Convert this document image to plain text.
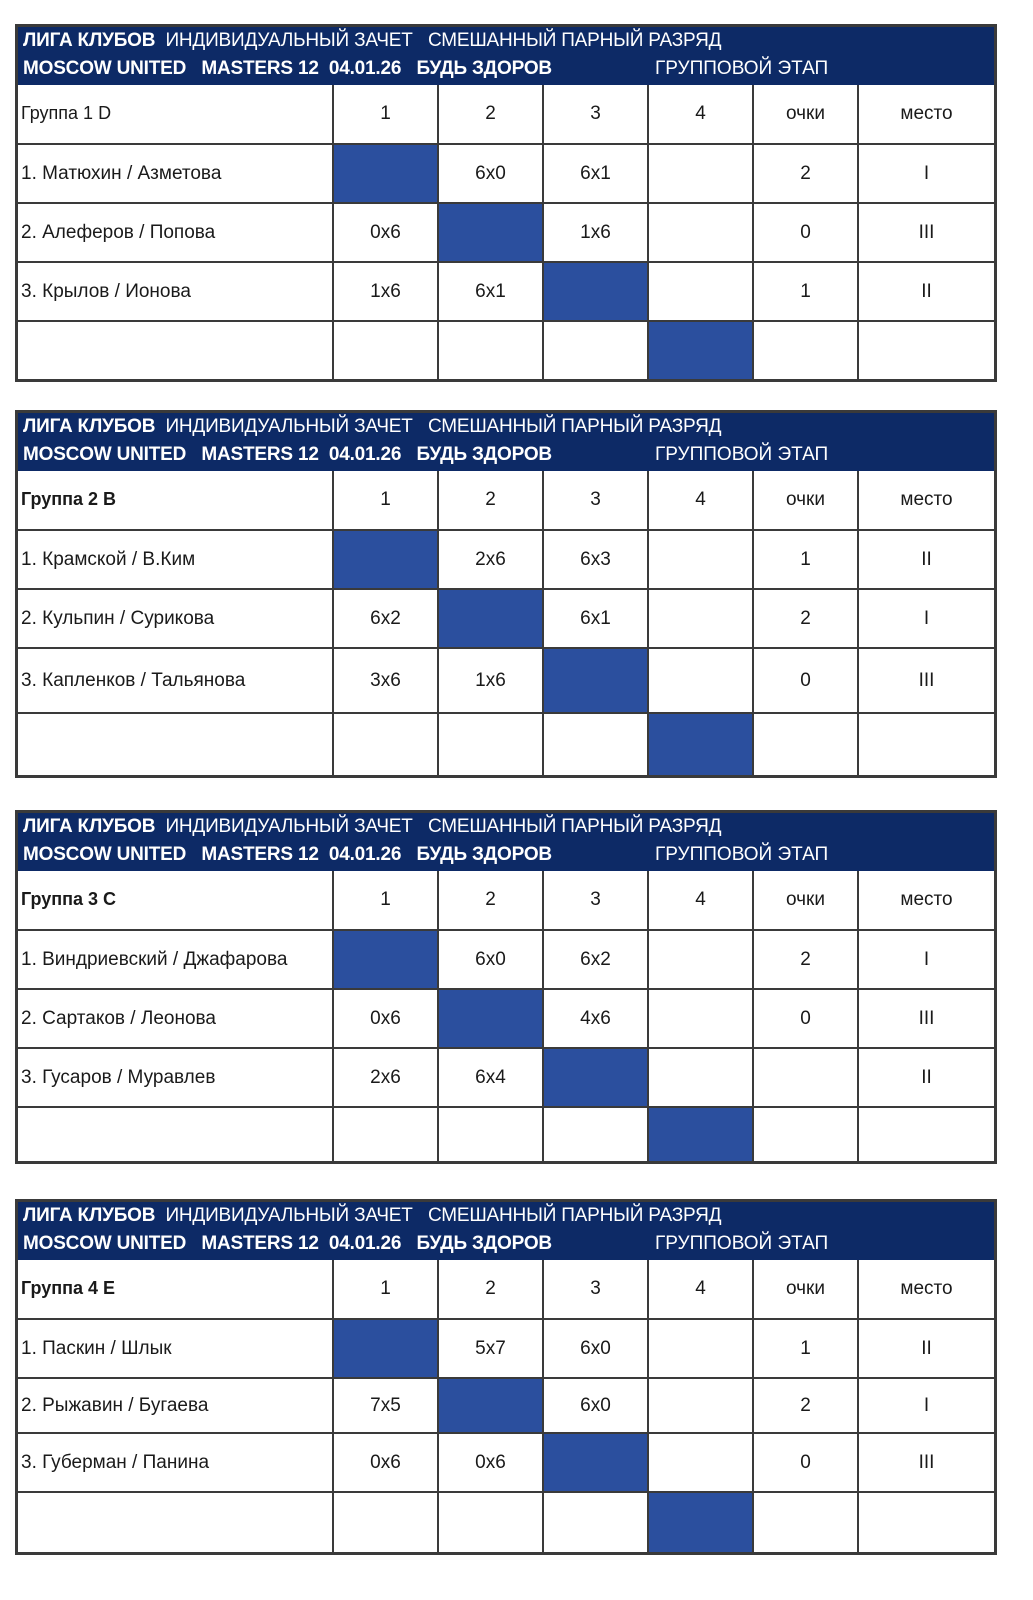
ЛИГА КЛУБОВ ИНДИВИДУАЛЬНЫЙ ЗАЧЕТ СМЕШАННЫЙ ПАРНЫЙ РАЗРЯД
MOSCOW UNITED MASTERS 12 04.01.26 БУДЬ ЗДОРОВ	ГРУППОВОЙ ЭТАП
Группа 1 D	1	2	3	4	очки	место
1. Матюхин / Азметова		6x0	6x1		2	I
2. Алеферов / Попова	0x6		1x6		0	III
3. Крылов / Ионова	1x6	6x1			1	II

ЛИГА КЛУБОВ ИНДИВИДУАЛЬНЫЙ ЗАЧЕТ СМЕШАННЫЙ ПАРНЫЙ РАЗРЯД
MOSCOW UNITED MASTERS 12 04.01.26 БУДЬ ЗДОРОВ	ГРУППОВОЙ ЭТАП
Группа 2 B	1	2	3	4	очки	место
1. Крамской / В.Ким		2x6	6x3		1	II
2. Кульпин / Сурикова	6x2		6x1		2	I
3. Капленков / Тальянова	3x6	1x6			0	III

ЛИГА КЛУБОВ ИНДИВИДУАЛЬНЫЙ ЗАЧЕТ СМЕШАННЫЙ ПАРНЫЙ РАЗРЯД
MOSCOW UNITED MASTERS 12 04.01.26 БУДЬ ЗДОРОВ	ГРУППОВОЙ ЭТАП
Группа 3 C	1	2	3	4	очки	место
1. Виндриевский / Джафарова		6x0	6x2		2	I
2. Сартаков / Леонова	0x6		4x6		0	III
3. Гусаров / Муравлев	2x6	6x4				II

ЛИГА КЛУБОВ ИНДИВИДУАЛЬНЫЙ ЗАЧЕТ СМЕШАННЫЙ ПАРНЫЙ РАЗРЯД
MOSCOW UNITED MASTERS 12 04.01.26 БУДЬ ЗДОРОВ	ГРУППОВОЙ ЭТАП
Группа 4 E	1	2	3	4	очки	место
1. Паскин / Шлык		5x7	6x0		1	II
2. Рыжавин / Бугаева	7x5		6x0		2	I
3. Губерман / Панина	0x6	0x6			0	III
